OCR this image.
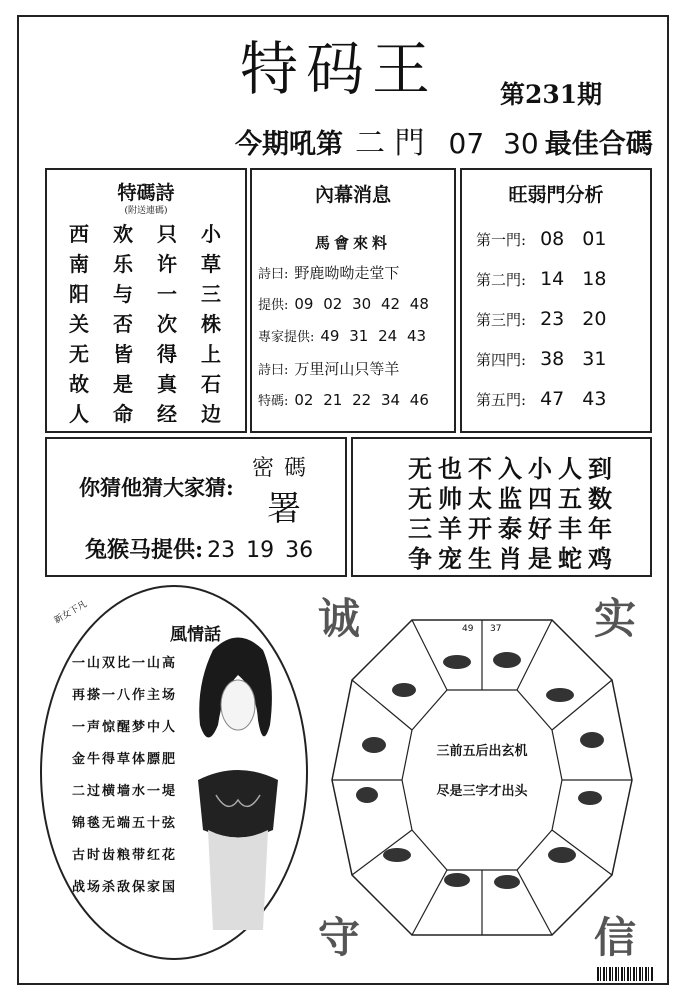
特码王 第231期
今期吼第 二 門 07 30 最佳合碼
特碼詩
(附送連碼)
西	欢	只	小
南	乐	许	草
阳	与	一	三
关	否	次	株
无	皆	得	上
故	是	真	石
人	命	经	边
內幕消息
馬會來料
詩曰: 野鹿呦呦走堂下
提供: 09 02 30 42 48
專家提供: 49 31 24 43
詩曰: 万里河山只等羊
特碼: 02 21 22 34 46
旺弱門分析
第一門: 08 01
第二門: 14 18
第三門: 23 20
第四門: 38 31
第五門: 47 43
你猜他猜大家猜:
密碼
署
兔猴马提供: 23 19 36
无也不入小人到
无帅太监四五数
三羊开泰好丰年
争宠生肖是蛇鸡
新女下凡
風情話
一山双比一山高
再搽一八作主场
一声惊醒梦中人
金牛得草体膘肥
二过横墙水一堤
锦毯无端五十弦
古时齿粮带红花
战场杀敌保家国
诚	实
守	信
49 37
三前五后出玄机
尽是三字才出头
